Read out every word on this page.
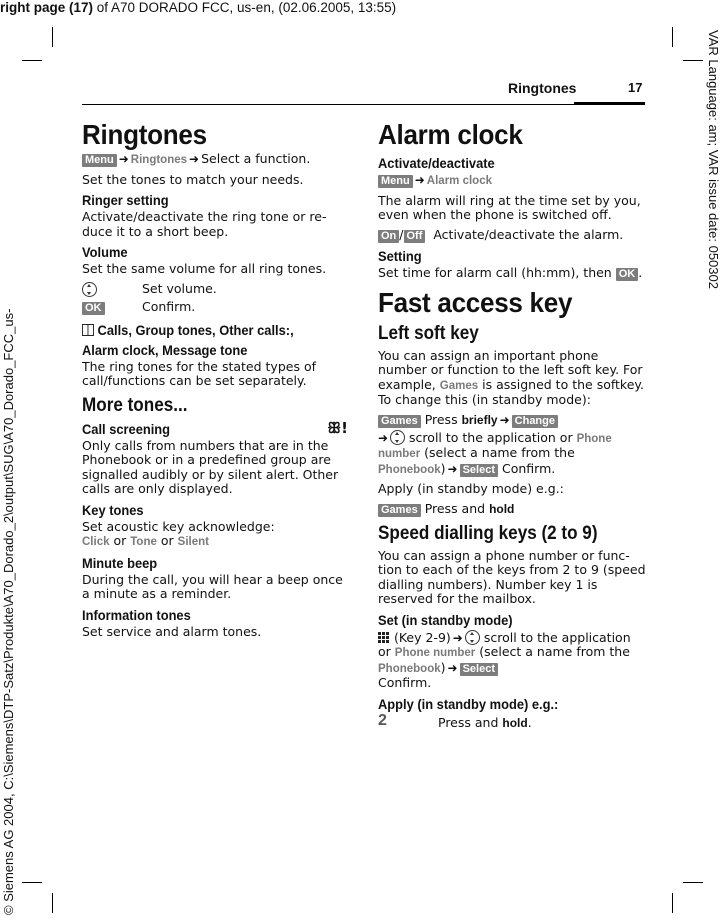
right page (17) of A70 DORADO FCC, us-en, (02.06.2005, 13:55)
VAR Language: am; VAR issue date: 050302
© Siemens AG 2004, C:\Siemens\DTP-Satz\Produkte\A70_Dorado_2\output\SUG\A70_Dorado_FCC_us-
Ringtones	17
Ringtones

Menu ➜ Ringtones ➜ Select a function.

Set the tones to match your needs.

Ringer setting

Activate/deactivate the ring tone or re-duce it to a short beep.

Volume

Set the same volume for all ring tones.

Set volume.
OK	Confirm.
Calls, Group tones, Other calls:,
Alarm clock, Message tone

The ring tones for the stated types of call/functions can be set separately.

More tones...
Call screening	ꕥ!

Only calls from numbers that are in the Phonebook or in a predefined group are signalled audibly or by silent alert. Other calls are only displayed.

Key tones

Set acoustic key acknowledge:
Click or Tone or Silent

Minute beep

During the call, you will hear a beep once a minute as a reminder.

Information tones

Set service and alarm tones.

Alarm clock
Activate/deactivate

Menu ➜ Alarm clock

The alarm will ring at the time set by you, even when the phone is switched off.

On / Off Activate/deactivate the alarm.

Setting

Set time for alarm call (hh:mm), then OK .

Fast access key
Left soft key

You can assign an important phone number or function to the left soft key. For example, Games is assigned to the softkey. To change this (in standby mode):

Games Press briefly ➜ Change

➜ scroll to the application or Phone number (select a name from the Phonebook) ➜ Select Confirm.

Apply (in standby mode) e.g.:

Games Press and hold

Speed dialling keys (2 to 9)

You can assign a phone number or func-tion to each of the keys from 2 to 9 (speed dialling numbers). Number key 1 is reserved for the mailbox.

Set (in standby mode)

(Key 2-9) ➜ scroll to the application or Phone number (select a name from the Phonebook) ➜ Select
Confirm.

Apply (in standby mode) e.g.:
2	Press and hold.
